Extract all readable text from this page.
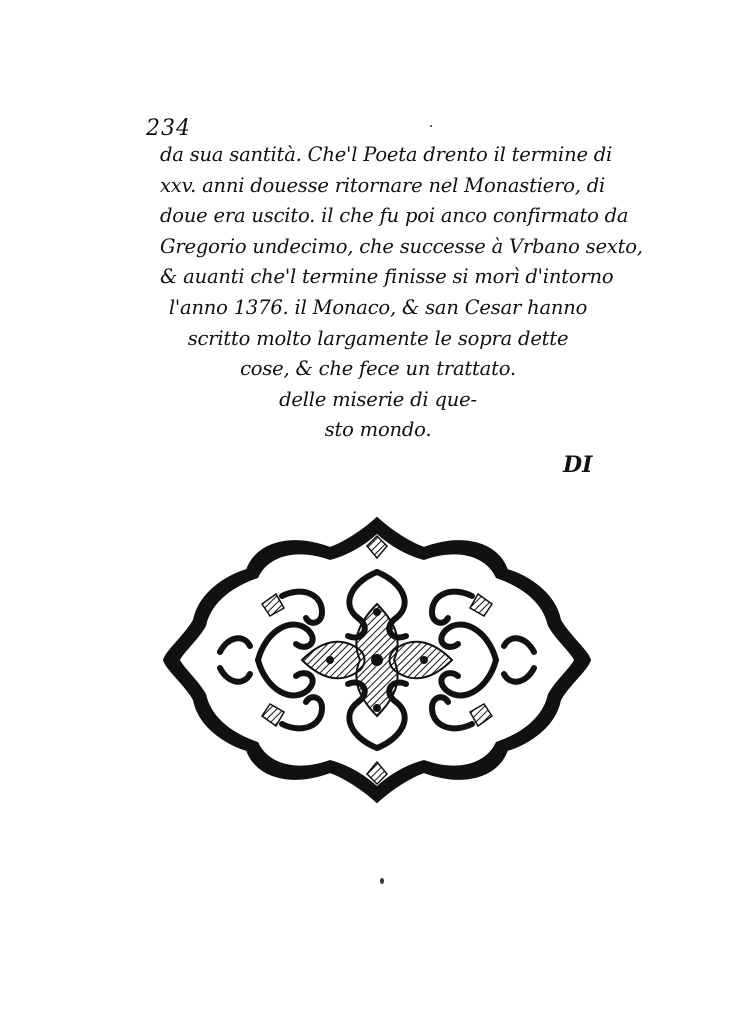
234
da sua santità. Che'l Poeta drento il termine di
xxv. anni douesse ritornare nel Monastiero, di
doue era uscito. il che fu poi anco confirmato da
Gregorio undecimo, che successe à Vrbano sexto,
& auanti che'l termine finisse si morì d'intorno
l'anno 1376. il Monaco, & san Cesar hanno
scritto molto largamente le sopra dette
cose, & che fece un trattato.
delle miserie di que-
sto mondo.
DI
